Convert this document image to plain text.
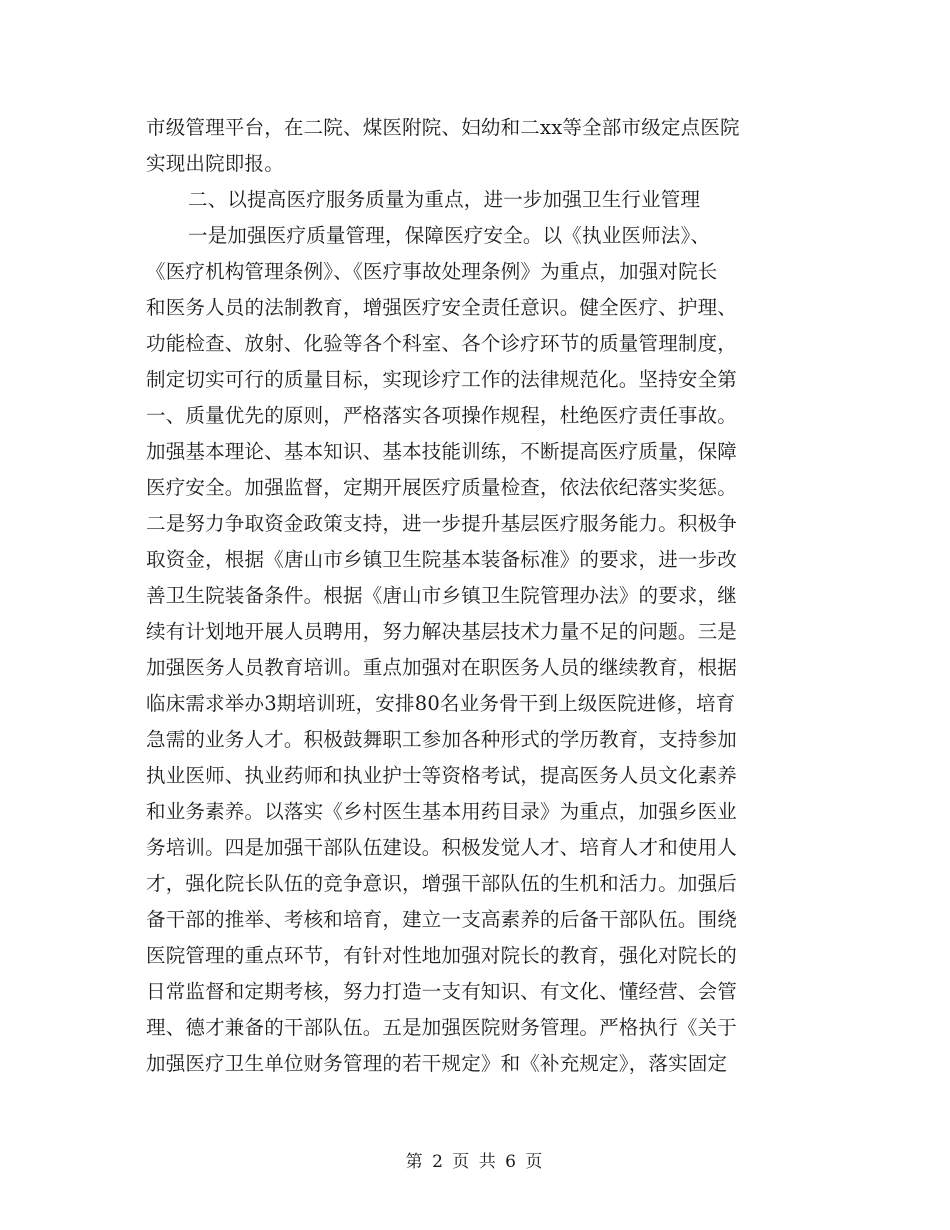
市级管理平台，在二院、煤医附院、妇幼和二xx等全部市级定点医院
实现出院即报。
二、以提高医疗服务质量为重点，进一步加强卫生行业管理
一是加强医疗质量管理，保障医疗安全。以《执业医师法》、
《医疗机构管理条例》、《医疗事故处理条例》为重点，加强对院长
和医务人员的法制教育，增强医疗安全责任意识。健全医疗、护理、
功能检查、放射、化验等各个科室、各个诊疗环节的质量管理制度，
制定切实可行的质量目标，实现诊疗工作的法律规范化。坚持安全第
一、质量优先的原则，严格落实各项操作规程，杜绝医疗责任事故。
加强基本理论、基本知识、基本技能训练，不断提高医疗质量，保障
医疗安全。加强监督，定期开展医疗质量检查，依法依纪落实奖惩。
二是努力争取资金政策支持，进一步提升基层医疗服务能力。积极争
取资金，根据《唐山市乡镇卫生院基本装备标准》的要求，进一步改
善卫生院装备条件。根据《唐山市乡镇卫生院管理办法》的要求，继
续有计划地开展人员聘用，努力解决基层技术力量不足的问题。三是
加强医务人员教育培训。重点加强对在职医务人员的继续教育，根据
临床需求举办3期培训班，安排80名业务骨干到上级医院进修，培育
急需的业务人才。积极鼓舞职工参加各种形式的学历教育，支持参加
执业医师、执业药师和执业护士等资格考试，提高医务人员文化素养
和业务素养。以落实《乡村医生基本用药目录》为重点，加强乡医业
务培训。四是加强干部队伍建设。积极发觉人才、培育人才和使用人
才，强化院长队伍的竞争意识，增强干部队伍的生机和活力。加强后
备干部的推举、考核和培育，建立一支高素养的后备干部队伍。围绕
医院管理的重点环节，有针对性地加强对院长的教育，强化对院长的
日常监督和定期考核，努力打造一支有知识、有文化、懂经营、会管
理、德才兼备的干部队伍。五是加强医院财务管理。严格执行《关于
加强医疗卫生单位财务管理的若干规定》和《补充规定》，落实固定
第 2 页 共 6 页
